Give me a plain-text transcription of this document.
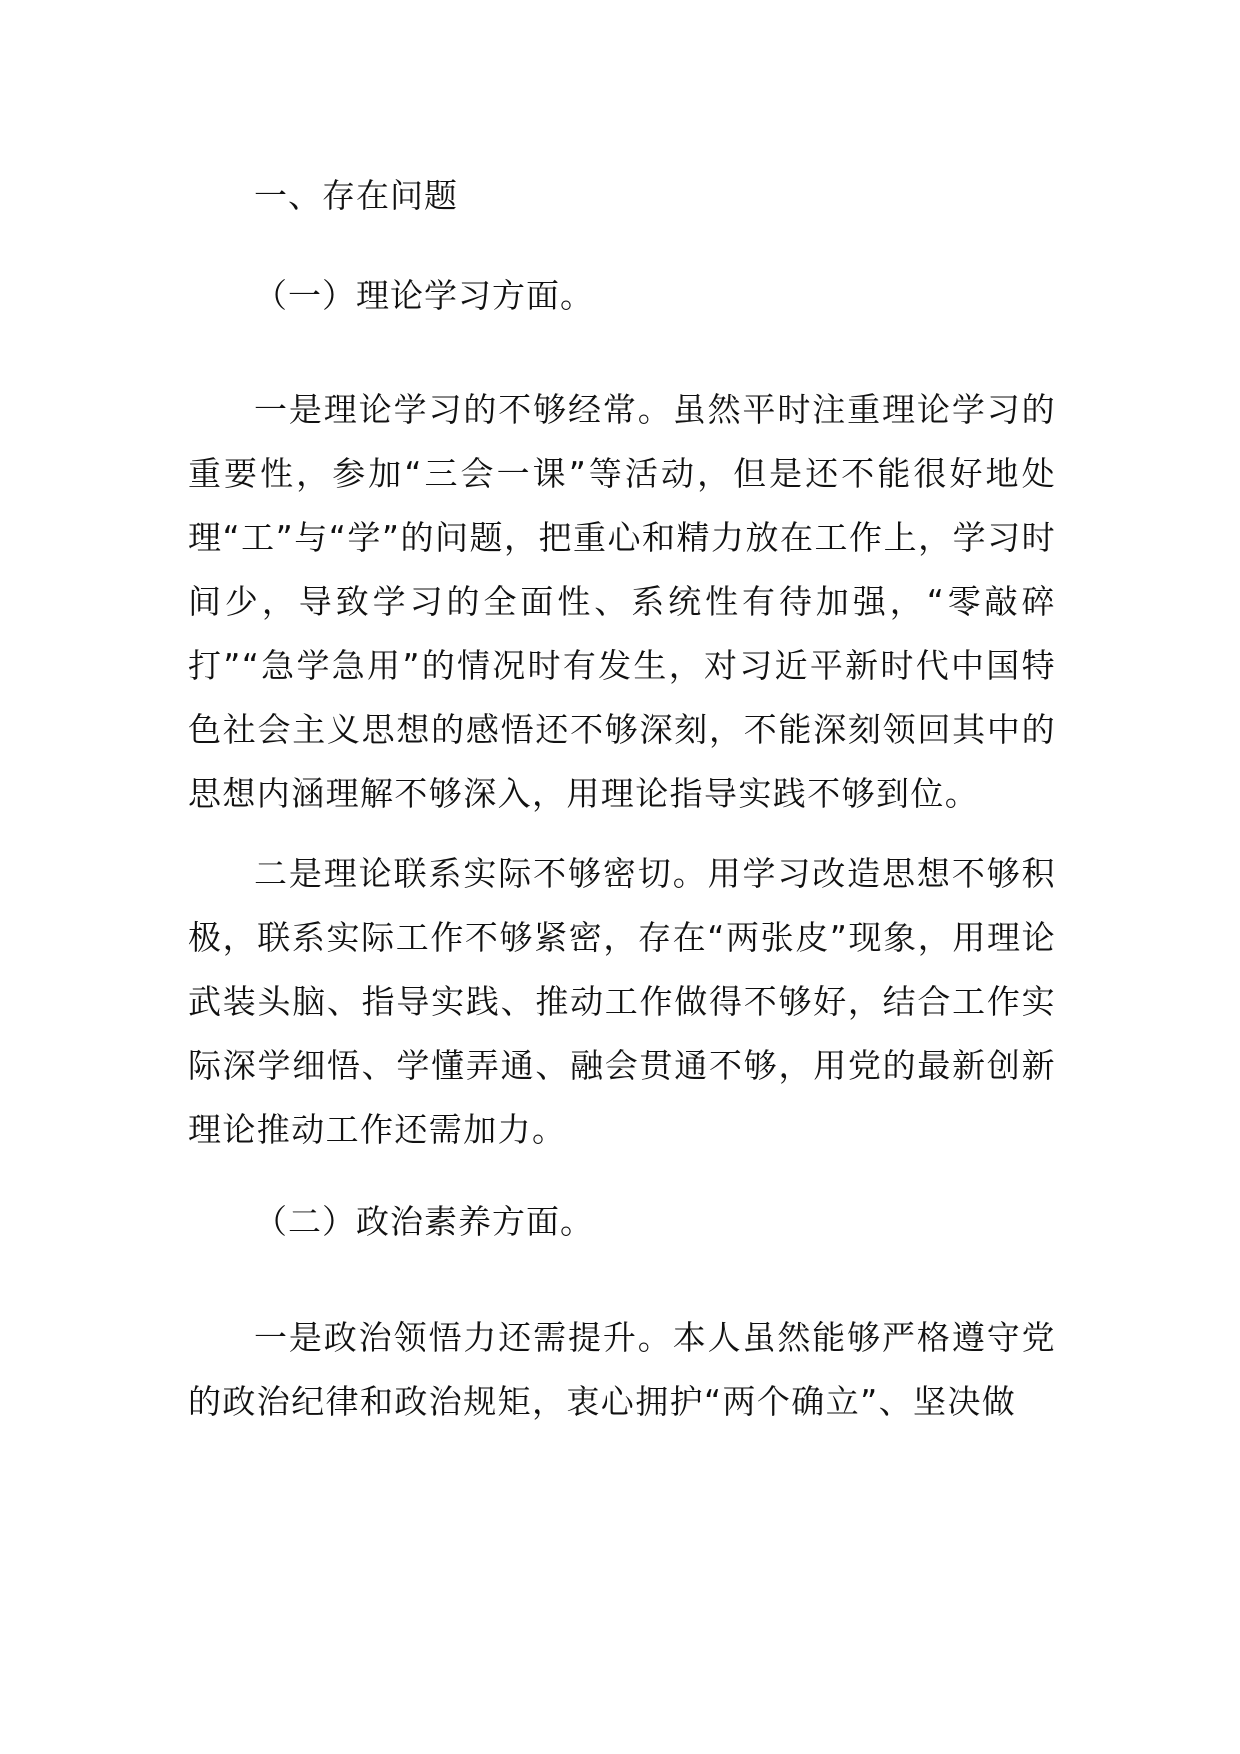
一、存在问题
（一）理论学习方面。
一是理论学习的不够经常。虽然平时注重理论学习的重要性，参加“三会一课”等活动，但是还不能很好地处理“工”与“学”的问题，把重心和精力放在工作上，学习时间少，导致学习的全面性、系统性有待加强，“零敲碎打”“急学急用”的情况时有发生，对习近平新时代中国特色社会主义思想的感悟还不够深刻，不能深刻领回其中的思想内涵理解不够深入，用理论指导实践不够到位。
二是理论联系实际不够密切。用学习改造思想不够积极，联系实际工作不够紧密，存在“两张皮”现象，用理论武装头脑、指导实践、推动工作做得不够好，结合工作实际深学细悟、学懂弄通、融会贯通不够，用党的最新创新理论推动工作还需加力。
（二）政治素养方面。
一是政治领悟力还需提升。本人虽然能够严格遵守党的政治纪律和政治规矩，衷心拥护“两个确立”、坚决做
